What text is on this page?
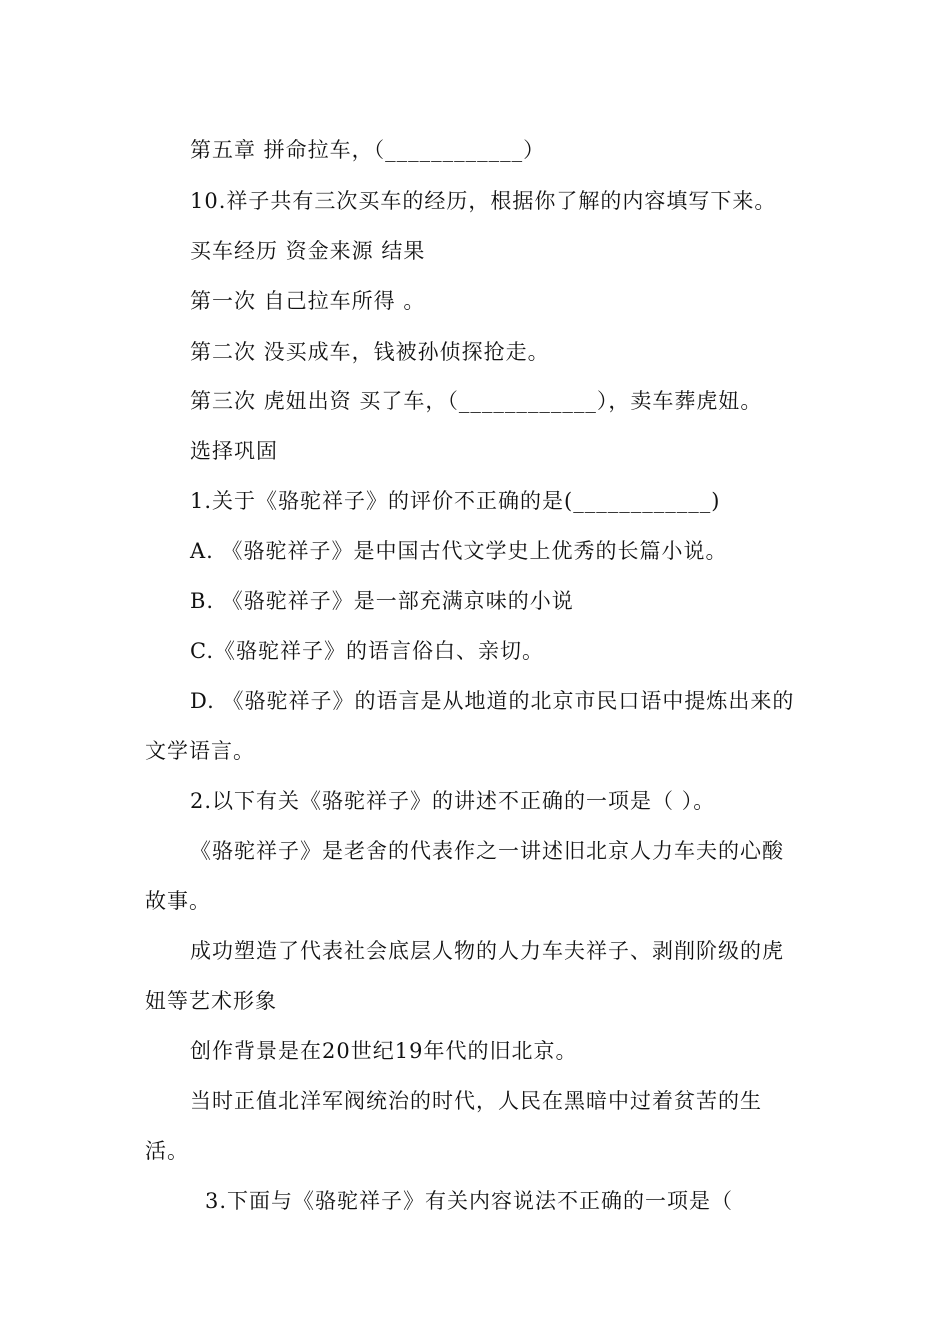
第五章 拼命拉车，（____________）
10.祥子共有三次买车的经历，根据你了解的内容填写下来。
买车经历 资金来源 结果
第一次 自己拉车所得 。
第二次 没买成车，钱被孙侦探抢走。
第三次 虎妞出资 买了车，（____________），卖车葬虎妞。
选择巩固
1.关于《骆驼祥子》的评价不正确的是(____________)
A. 《骆驼祥子》是中国古代文学史上优秀的长篇小说。
B. 《骆驼祥子》是一部充满京味的小说
C.《骆驼祥子》的语言俗白、亲切。
D. 《骆驼祥子》的语言是从地道的北京市民口语中提炼出来的
文学语言。
2.以下有关《骆驼祥子》的讲述不正确的一项是（ ）。
《骆驼祥子》是老舍的代表作之一讲述旧北京人力车夫的心酸
故事。
成功塑造了代表社会底层人物的人力车夫祥子、剥削阶级的虎
妞等艺术形象
创作背景是在20世纪19年代的旧北京。
当时正值北洋军阀统治的时代，人民在黑暗中过着贫苦的生
活。
3.下面与《骆驼祥子》有关内容说法不正确的一项是（
